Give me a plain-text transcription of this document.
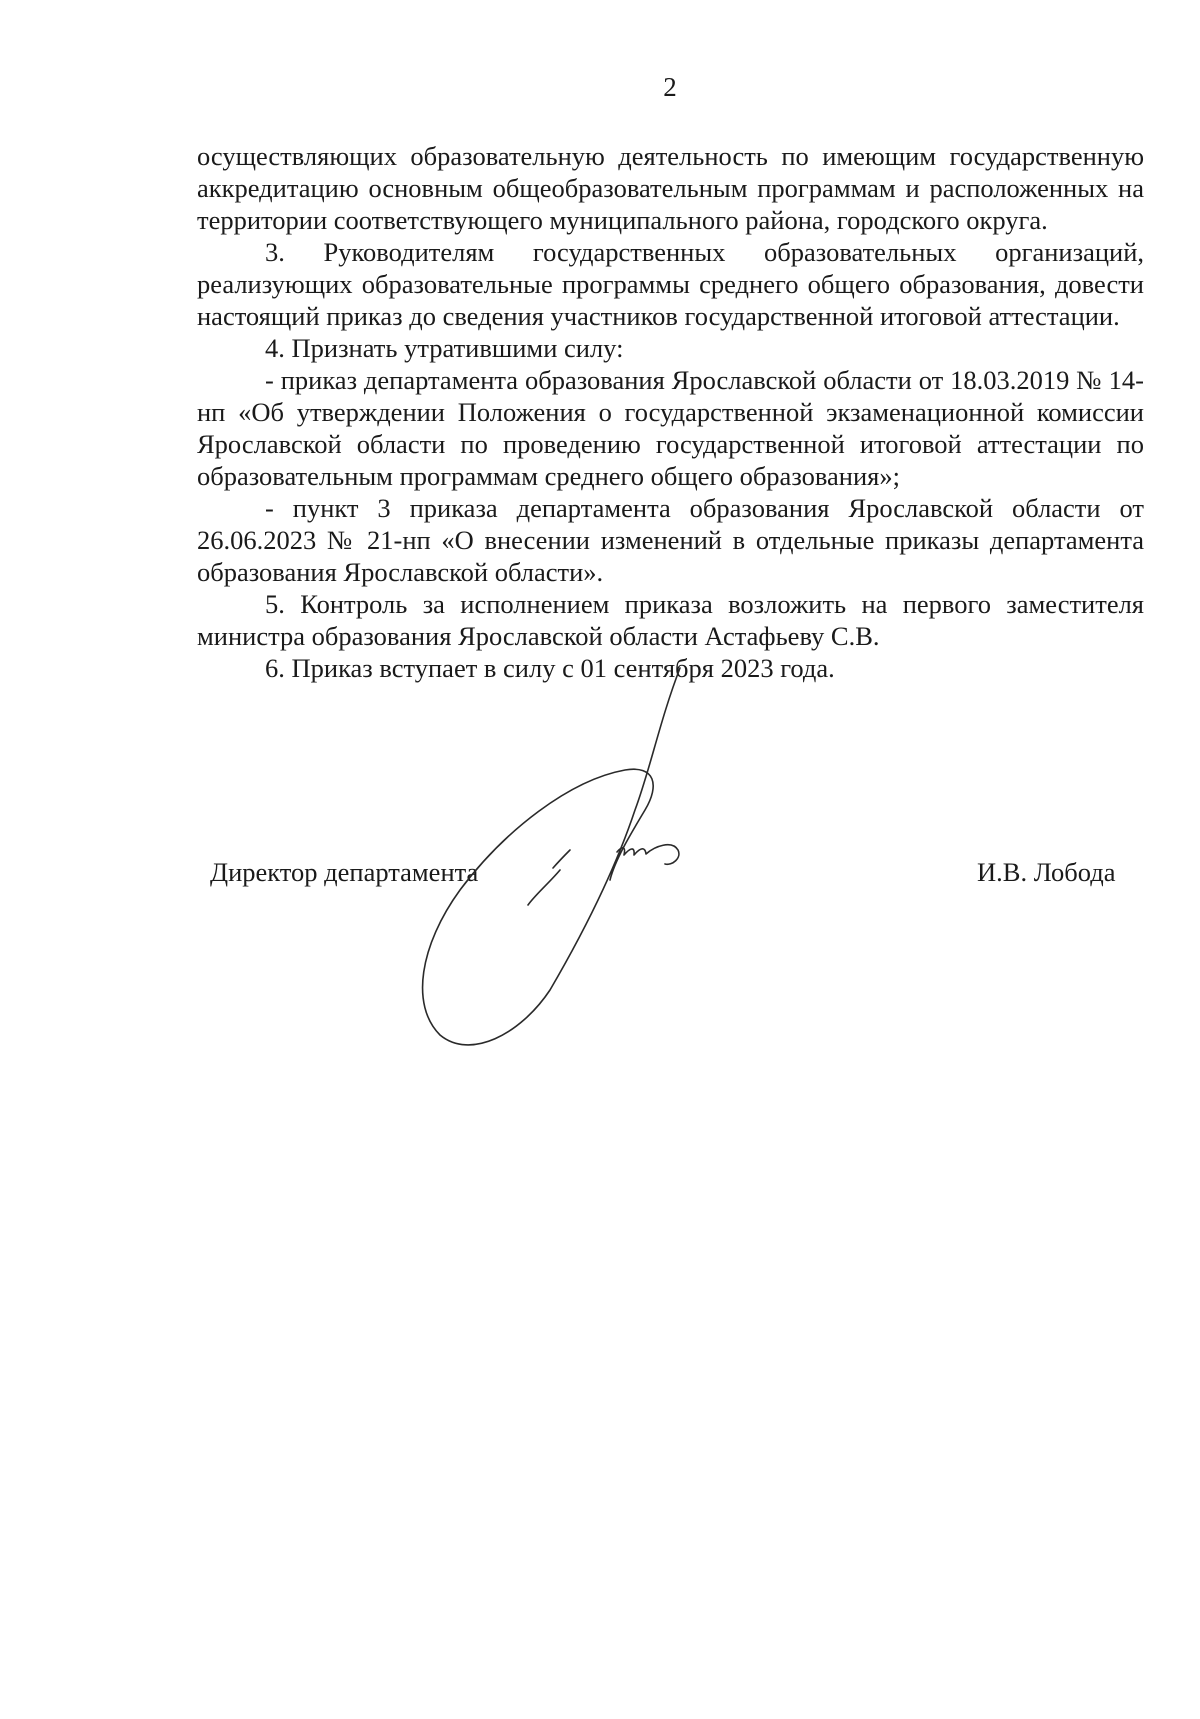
2

осуществляющих образовательную деятельность по имеющим государственную аккредитацию основным общеобразовательным программам и расположенных на территории соответствующего муниципального района, городского округа.

3. Руководителям государственных образовательных организаций, реализующих образовательные программы среднего общего образования, довести настоящий приказ до сведения участников государственной итоговой аттестации.

4. Признать утратившими силу:

- приказ департамента образования Ярославской области от 18.03.2019 № 14-нп «Об утверждении Положения о государственной экзаменационной комиссии Ярославской области по проведению государственной итоговой аттестации по образовательным программам среднего общего образования»;

- пункт 3 приказа департамента образования Ярославской области от 26.06.2023 № 21-нп «О внесении изменений в отдельные приказы департамента образования Ярославской области».

5. Контроль за исполнением приказа возложить на первого заместителя министра образования Ярославской области Астафьеву С.В.

6. Приказ вступает в силу с 01 сентября 2023 года.

Директор департамента	И.В. Лобода
